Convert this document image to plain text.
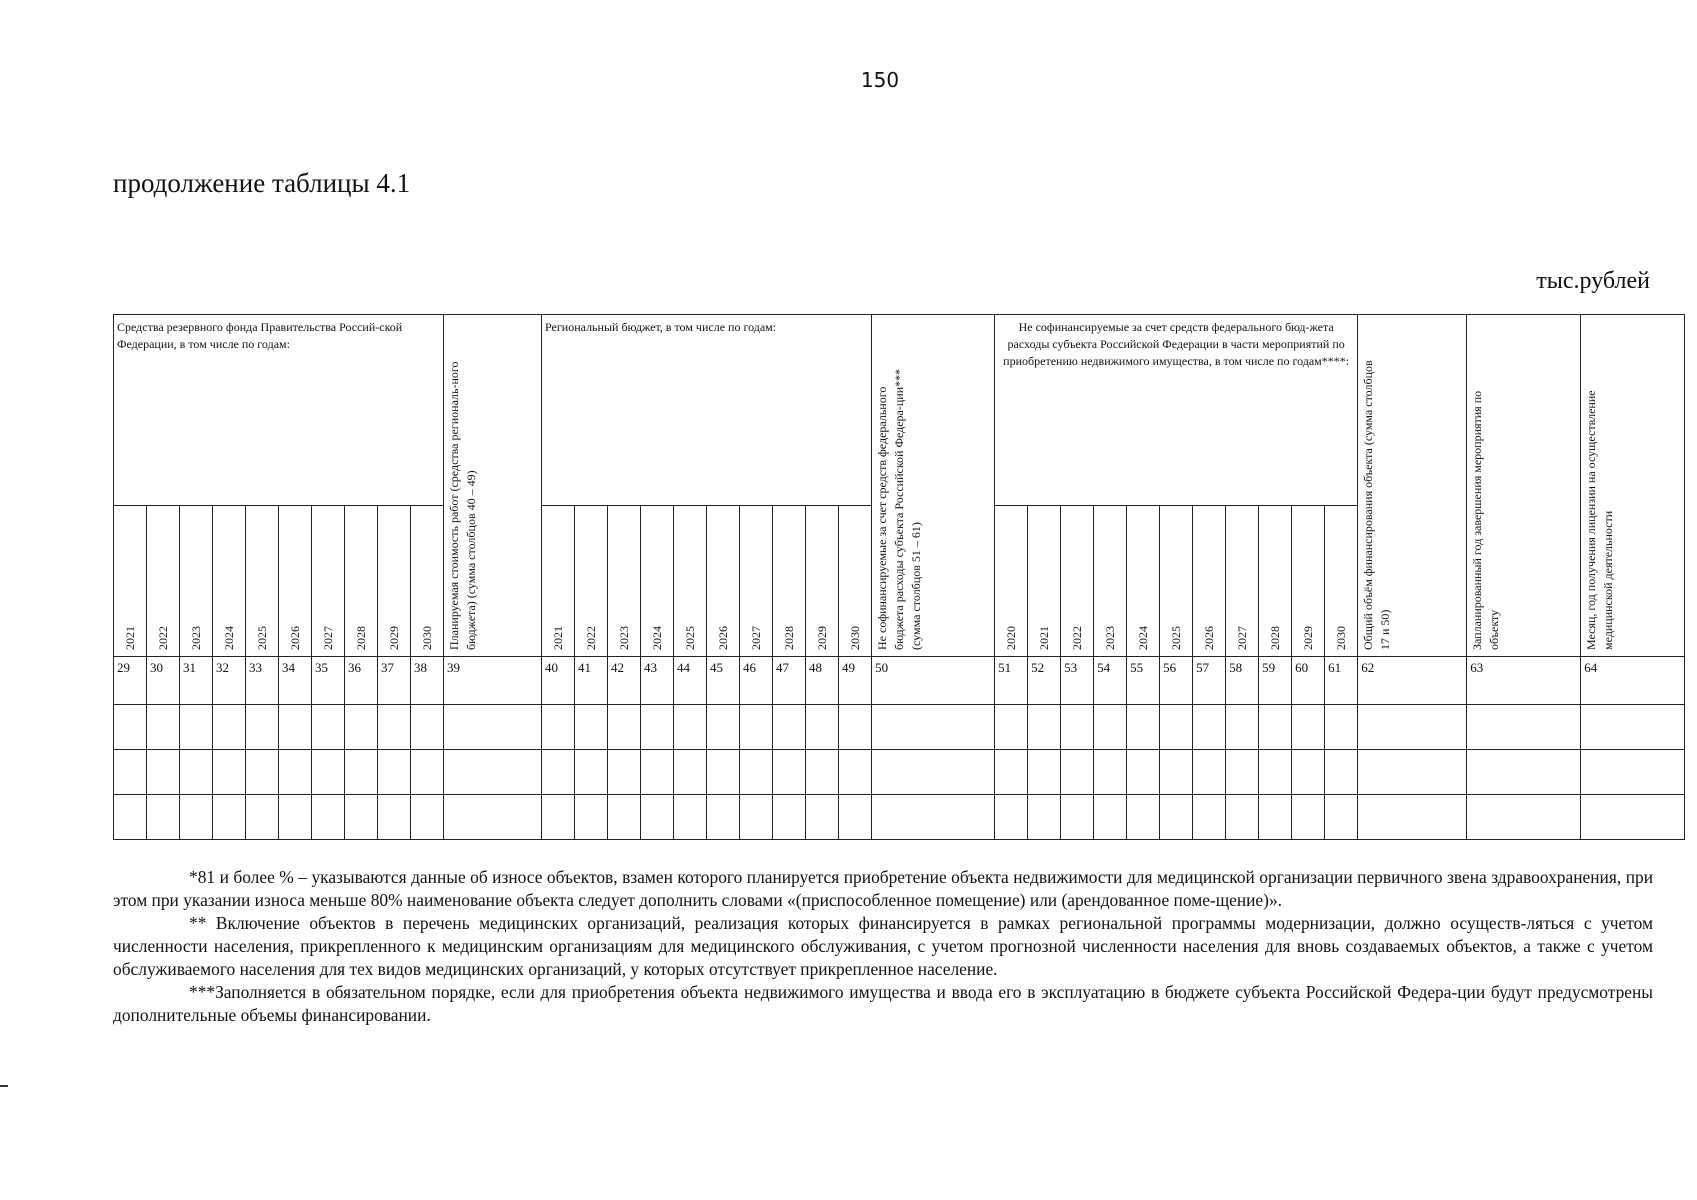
150
продолжение таблицы 4.1
тыс.рублей
Средства резервного фонда Правительства Россий-ской Федерации, в том числе по годам:										Планируемая стоимость работ (средства региональ-ного бюджета) (сумма столбцов 40 – 49)	Региональный бюджет, в том числе по годам:										Не софинансируемые за счет средств федерального бюджета расходы субъекта Российской Федера-ции*** (сумма столбцов 51 – 61)	Не софинансируемые за счет средств федерального бюд-жета расходы субъекта Российской Федерации в части мероприятий по приобретению недвижимого имущества, в том числе по годам****:											Общий объём финансирования объекта (сумма столбцов 17 и 50)	Запланированный год завершения мероприятия по объекту	Месяц, год получения лицензии на осуществление медицинской деятельности

2021	2022	2023	2024	2025	2026	2027	2028	2029	2030		2021	2022	2023	2024	2025	2026	2027	2028	2029	2030		2020	2021	2022	2023	2024	2025	2026	2027	2028	2029	2030			

29	30	31	32	33	34	35	36	37	38	39	40	41	42	43	44	45	46	47	48	49	50	51	52	53	54	55	56	57	58	59	60	61	62	63	64

*81 и более % – указываются данные об износе объектов, взамен которого планируется приобретение объекта недвижимости для медицинской организации первичного звена здравоохранения, при этом при указании износа меньше 80% наименование объекта следует дополнить словами «(приспособленное помещение) или (арендованное поме-щение)».

** Включение объектов в перечень медицинских организаций, реализация которых финансируется в рамках региональной программы модернизации, должно осуществ-ляться с учетом численности населения, прикрепленного к медицинским организациям для медицинского обслуживания, с учетом прогнозной численности населения для вновь создаваемых объектов, а также с учетом обслуживаемого населения для тех видов медицинских организаций, у которых отсутствует прикрепленное население.

***Заполняется в обязательном порядке, если для приобретения объекта недвижимого имущества и ввода его в эксплуатацию в бюджете субъекта Российской Федера-ции будут предусмотрены дополнительные объемы финансировании.
